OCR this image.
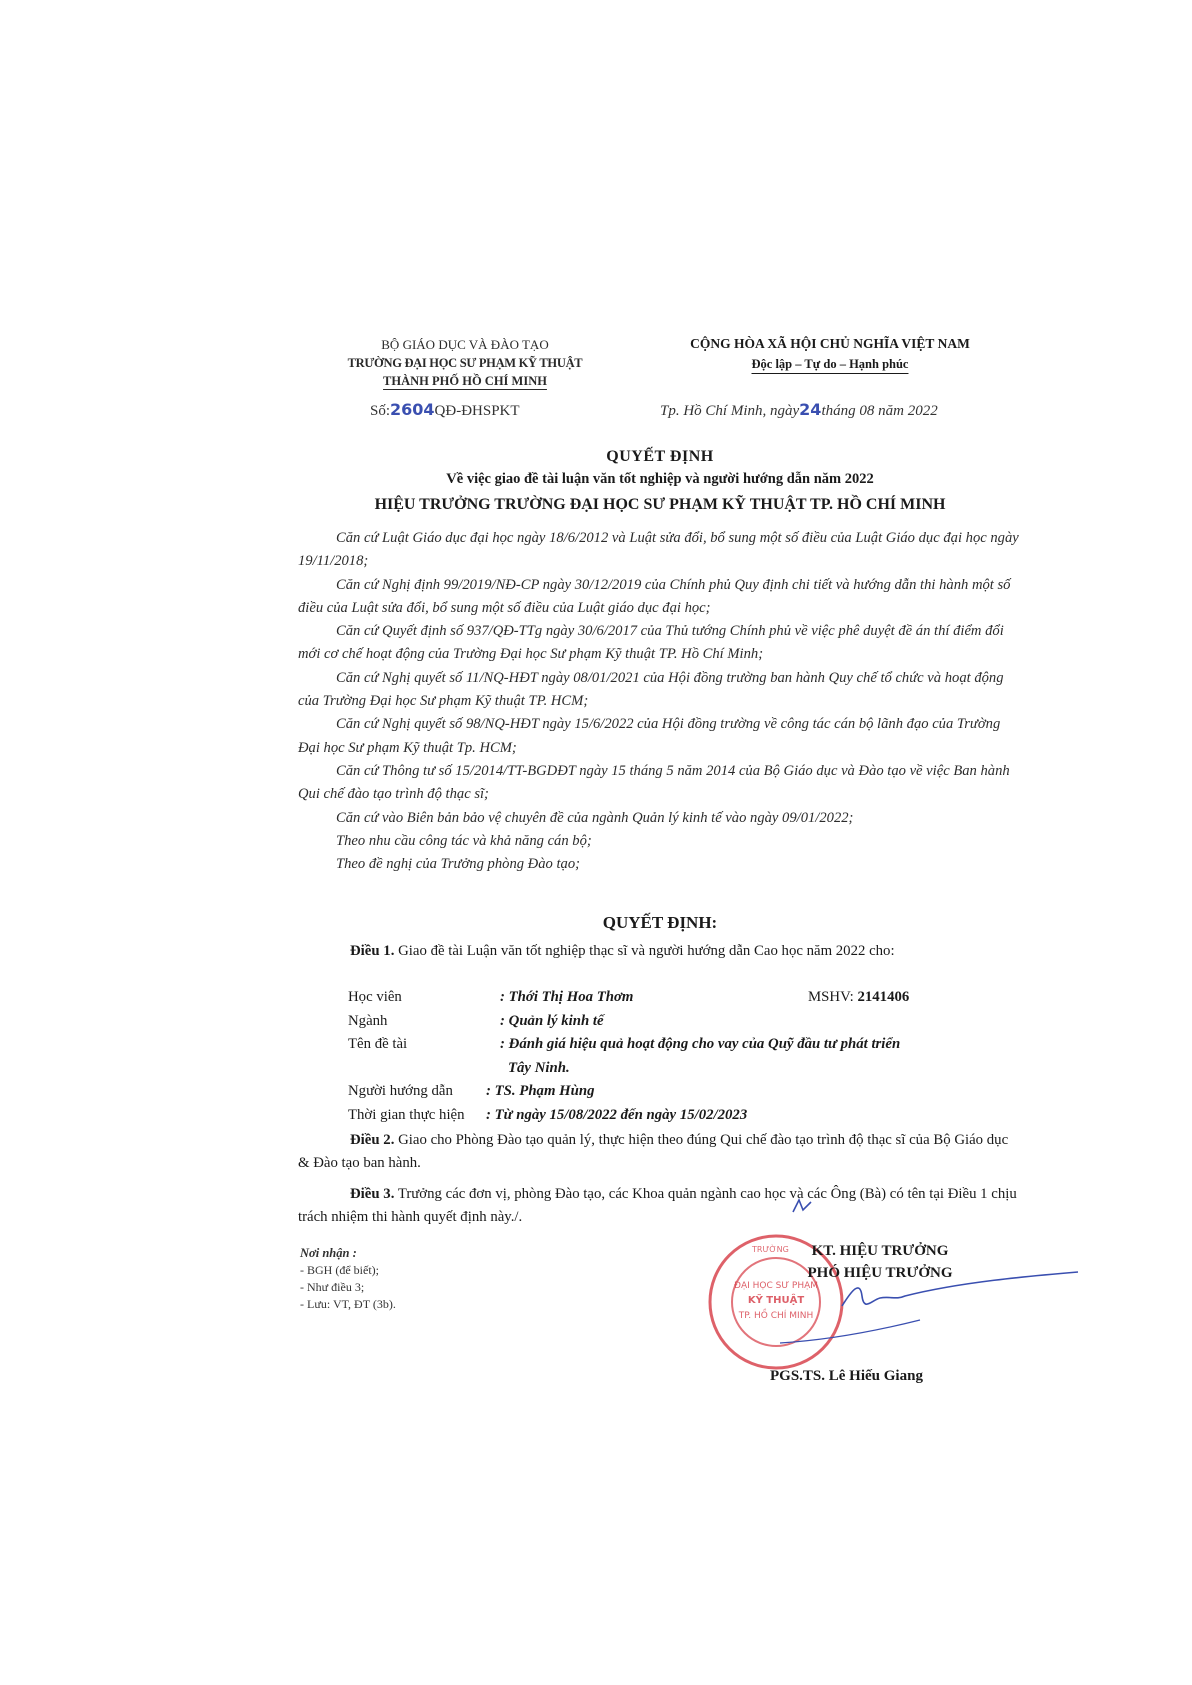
BỘ GIÁO DỤC VÀ ĐÀO TẠO
TRƯỜNG ĐẠI HỌC SƯ PHẠM KỸ THUẬT
THÀNH PHỐ HỒ CHÍ MINH
CỘNG HÒA XÃ HỘI CHỦ NGHĨA VIỆT NAM
Độc lập – Tự do – Hạnh phúc
Số:2604QĐ-ĐHSPKT	Tp. Hồ Chí Minh, ngày24tháng 08 năm 2022
QUYẾT ĐỊNH
Về việc giao đề tài luận văn tốt nghiệp và người hướng dẫn năm 2022
HIỆU TRƯỞNG TRƯỜNG ĐẠI HỌC SƯ PHẠM KỸ THUẬT TP. HỒ CHÍ MINH

Căn cứ Luật Giáo dục đại học ngày 18/6/2012 và Luật sửa đổi, bổ sung một số điều của Luật Giáo dục đại học ngày 19/11/2018;

Căn cứ Nghị định 99/2019/NĐ-CP ngày 30/12/2019 của Chính phủ Quy định chi tiết và hướng dẫn thi hành một số điều của Luật sửa đổi, bổ sung một số điều của Luật giáo dục đại học;

Căn cứ Quyết định số 937/QĐ-TTg ngày 30/6/2017 của Thủ tướng Chính phủ về việc phê duyệt đề án thí điểm đổi mới cơ chế hoạt động của Trường Đại học Sư phạm Kỹ thuật TP. Hồ Chí Minh;

Căn cứ Nghị quyết số 11/NQ-HĐT ngày 08/01/2021 của Hội đồng trường ban hành Quy chế tổ chức và hoạt động của Trường Đại học Sư phạm Kỹ thuật TP. HCM;

Căn cứ Nghị quyết số 98/NQ-HĐT ngày 15/6/2022 của Hội đồng trường về công tác cán bộ lãnh đạo của Trường Đại học Sư phạm Kỹ thuật Tp. HCM;

Căn cứ Thông tư số 15/2014/TT-BGDĐT ngày 15 tháng 5 năm 2014 của Bộ Giáo dục và Đào tạo về việc Ban hành Qui chế đào tạo trình độ thạc sĩ;

Căn cứ vào Biên bản bảo vệ chuyên đề của ngành Quản lý kinh tế vào ngày 09/01/2022;

Theo nhu cầu công tác và khả năng cán bộ;

Theo đề nghị của Trưởng phòng Đào tạo;

QUYẾT ĐỊNH:

Điều 1. Giao đề tài Luận văn tốt nghiệp thạc sĩ và người hướng dẫn Cao học năm 2022 cho:

Học viên	: Thới Thị Hoa Thơm	MSHV: 2141406
Ngành	: Quản lý kinh tế
Tên đề tài	: Đánh giá hiệu quả hoạt động cho vay của Quỹ đầu tư phát triển
Tây Ninh.
Người hướng dẫn : TS. Phạm Hùng
Thời gian thực hiện : Từ ngày 15/08/2022 đến ngày 15/02/2023

Điều 2. Giao cho Phòng Đào tạo quản lý, thực hiện theo đúng Qui chế đào tạo trình độ thạc sĩ của Bộ Giáo dục & Đào tạo ban hành.

Điều 3. Trưởng các đơn vị, phòng Đào tạo, các Khoa quản ngành cao học và các Ông (Bà) có tên tại Điều 1 chịu trách nhiệm thi hành quyết định này./.

Nơi nhận :
- BGH (để biết);
- Như điều 3;
- Lưu: VT, ĐT (3b).
ĐẠI HỌC SƯ PHẠM
KỸ THUẬT
TP. HỒ CHÍ MINH
TRƯỜNG	KT. HIỆU TRƯỞNG
PHÓ HIỆU TRƯỞNG
PGS.TS. Lê Hiếu Giang
